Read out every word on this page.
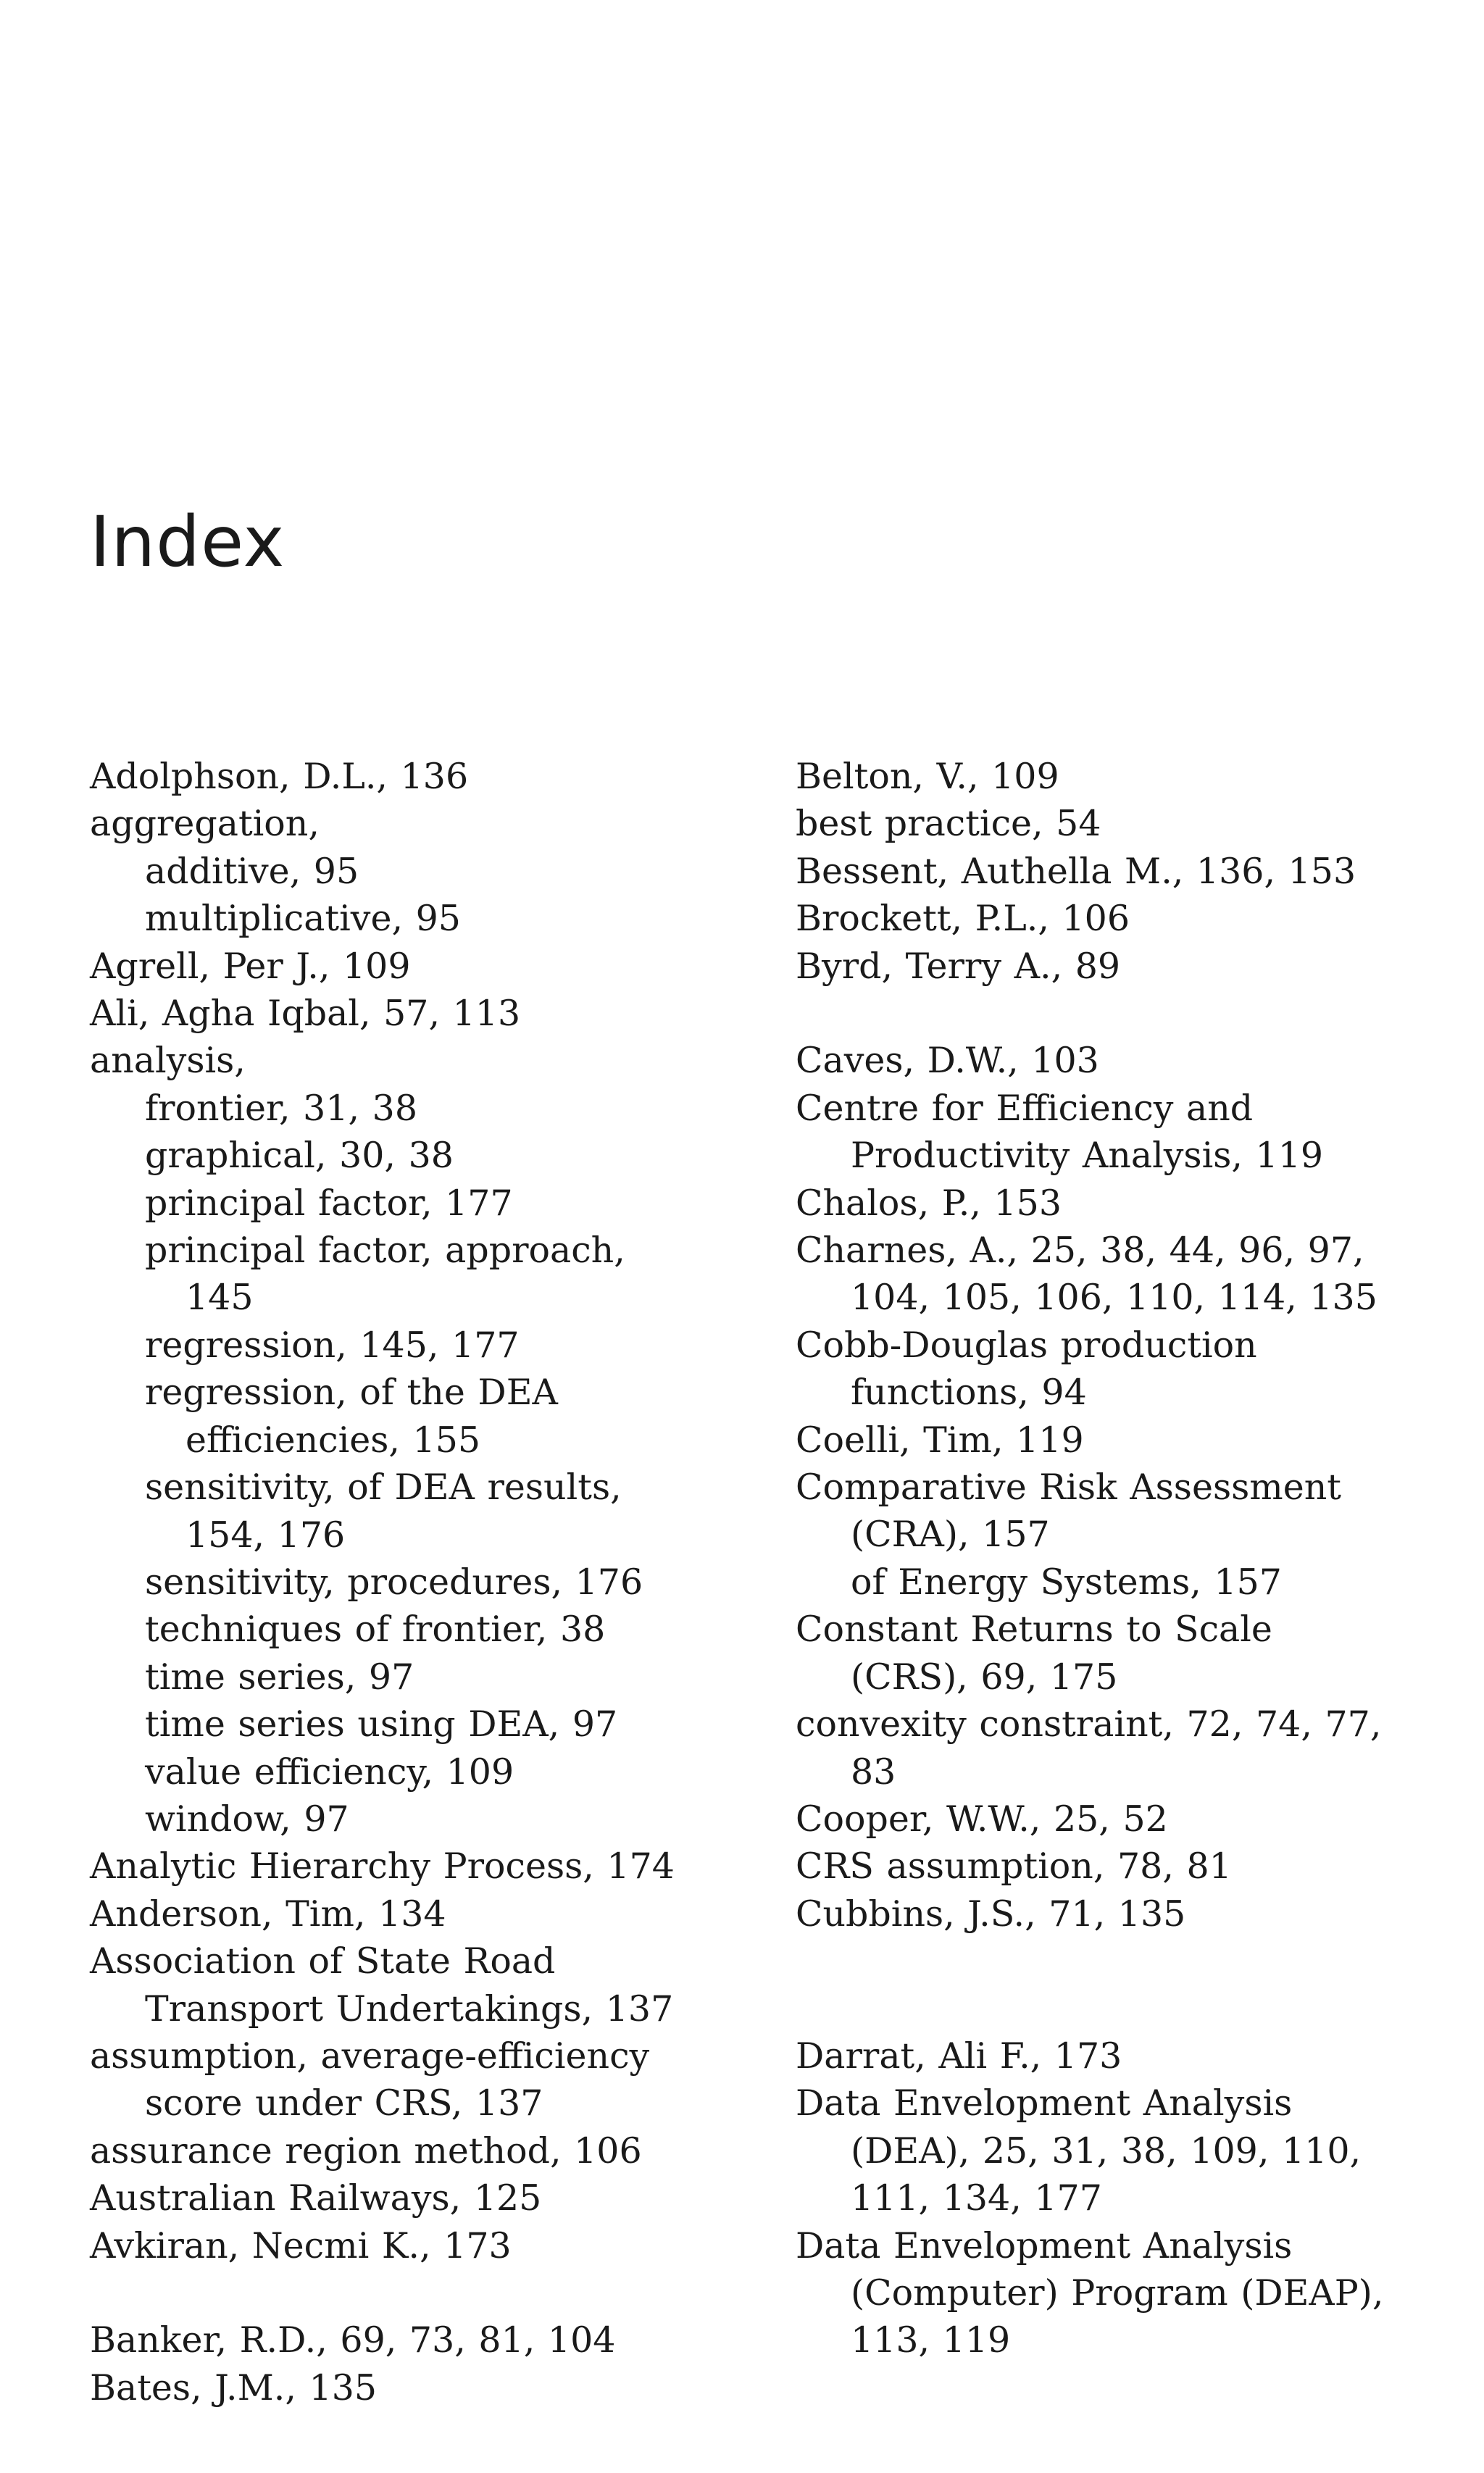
Index
Adolphson, D.L., 136
aggregation,
additive, 95
multiplicative, 95
Agrell, Per J., 109
Ali, Agha Iqbal, 57, 113
analysis,
frontier, 31, 38
graphical, 30, 38
principal factor, 177
principal factor, approach, 145
regression, 145, 177
regression, of the DEA efficiencies, 155
sensitivity, of DEA results, 154, 176
sensitivity, procedures, 176
techniques of frontier, 38
time series, 97
time series using DEA, 97
value efficiency, 109
window, 97
Analytic Hierarchy Process, 174
Anderson, Tim, 134
Association of State Road Transport Undertakings, 137
assumption, average-efficiency score under CRS, 137
assurance region method, 106
Australian Railways, 125
Avkiran, Necmi K., 173
Banker, R.D., 69, 73, 81, 104
Bates, J.M., 135
Belton, V., 109
best practice, 54
Bessent, Authella M., 136, 153
Brockett, P.L., 106
Byrd, Terry A., 89
Caves, D.W., 103
Centre for Efficiency and Productivity Analysis, 119
Chalos, P., 153
Charnes, A., 25, 38, 44, 96, 97, 104, 105, 106, 110, 114, 135
Cobb-Douglas production functions, 94
Coelli, Tim, 119
Comparative Risk Assessment (CRA), 157
of Energy Systems, 157
Constant Returns to Scale (CRS), 69, 175
convexity constraint, 72, 74, 77, 83
Cooper, W.W., 25, 52
CRS assumption, 78, 81
Cubbins, J.S., 71, 135
Darrat, Ali F., 173
Data Envelopment Analysis (DEA), 25, 31, 38, 109, 110, 111, 134, 177
Data Envelopment Analysis (Computer) Program (DEAP), 113, 119
